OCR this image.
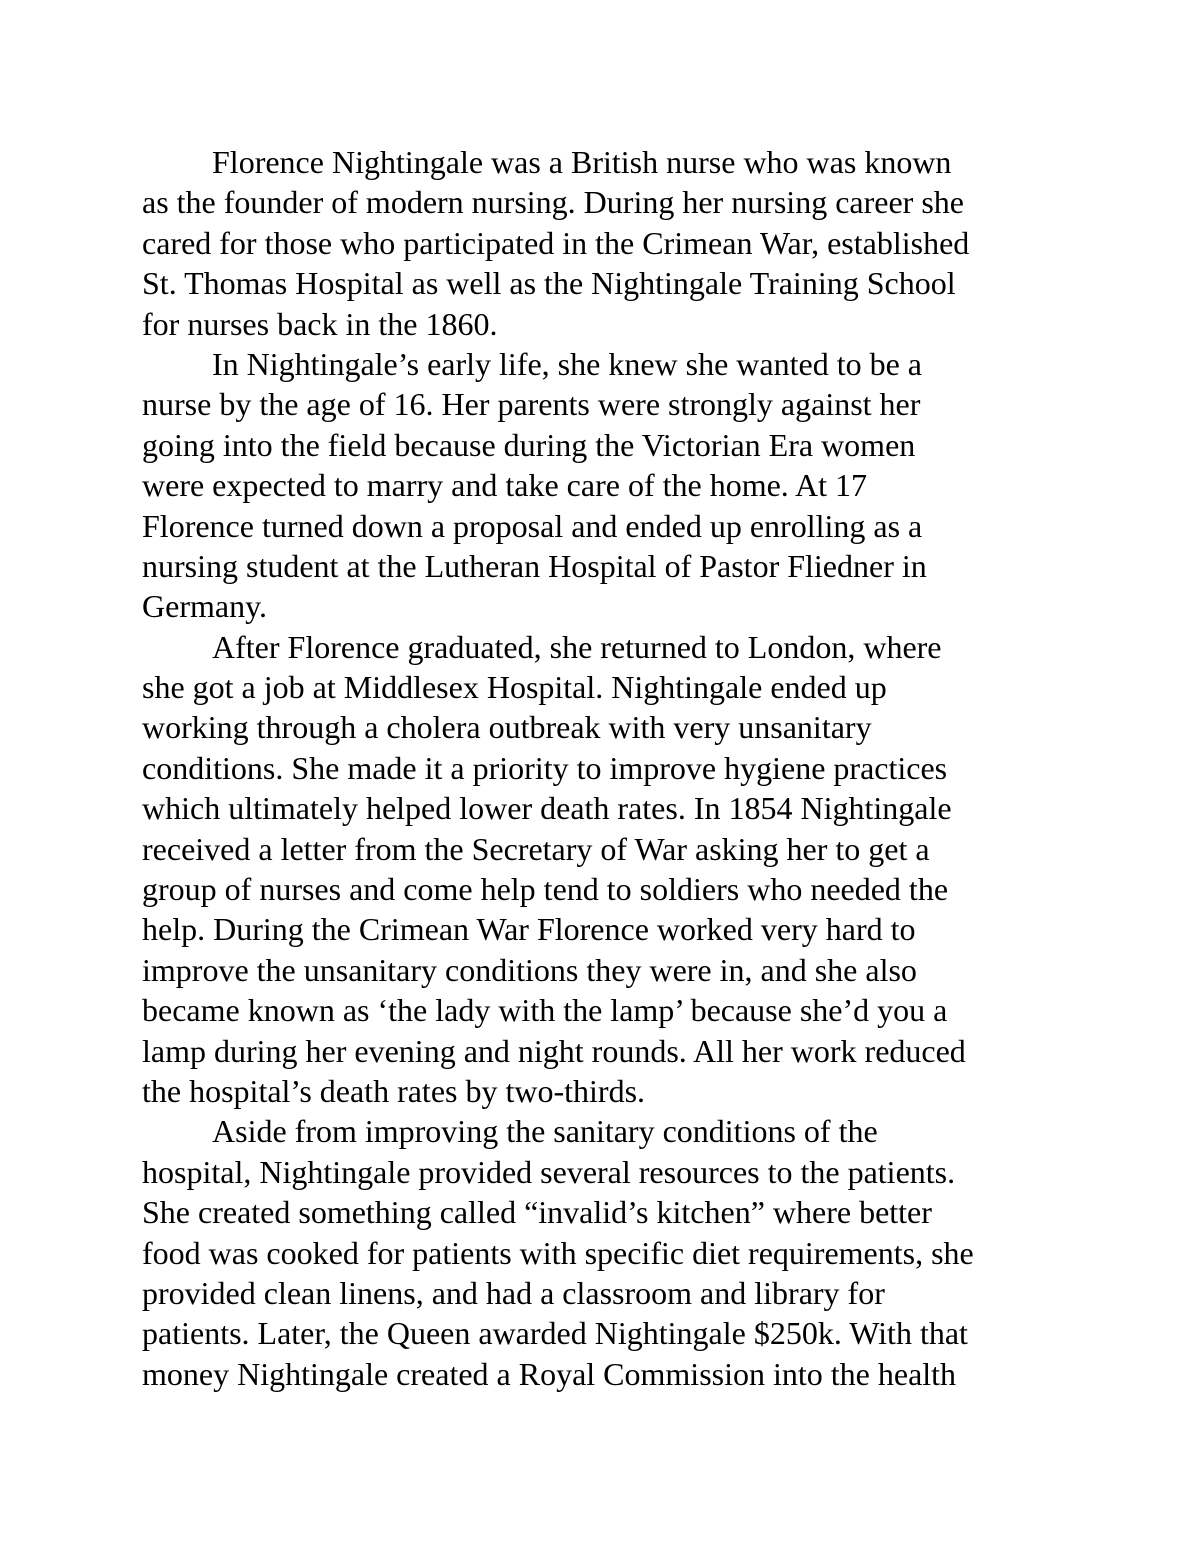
Florence Nightingale was a British nurse who was known
as the founder of modern nursing. During her nursing career she
cared for those who participated in the Crimean War, established
St. Thomas Hospital as well as the Nightingale Training School
for nurses back in the 1860.
In Nightingale’s early life, she knew she wanted to be a
nurse by the age of 16. Her parents were strongly against her
going into the field because during the Victorian Era women
were expected to marry and take care of the home. At 17
Florence turned down a proposal and ended up enrolling as a
nursing student at the Lutheran Hospital of Pastor Fliedner in
Germany.
After Florence graduated, she returned to London, where
she got a job at Middlesex Hospital. Nightingale ended up
working through a cholera outbreak with very unsanitary
conditions. She made it a priority to improve hygiene practices
which ultimately helped lower death rates. In 1854 Nightingale
received a letter from the Secretary of War asking her to get a
group of nurses and come help tend to soldiers who needed the
help. During the Crimean War Florence worked very hard to
improve the unsanitary conditions they were in, and she also
became known as ‘the lady with the lamp’ because she’d you a
lamp during her evening and night rounds. All her work reduced
the hospital’s death rates by two-thirds.
Aside from improving the sanitary conditions of the
hospital, Nightingale provided several resources to the patients.
She created something called “invalid’s kitchen” where better
food was cooked for patients with specific diet requirements, she
provided clean linens, and had a classroom and library for
patients. Later, the Queen awarded Nightingale $250k. With that
money Nightingale created a Royal Commission into the health
